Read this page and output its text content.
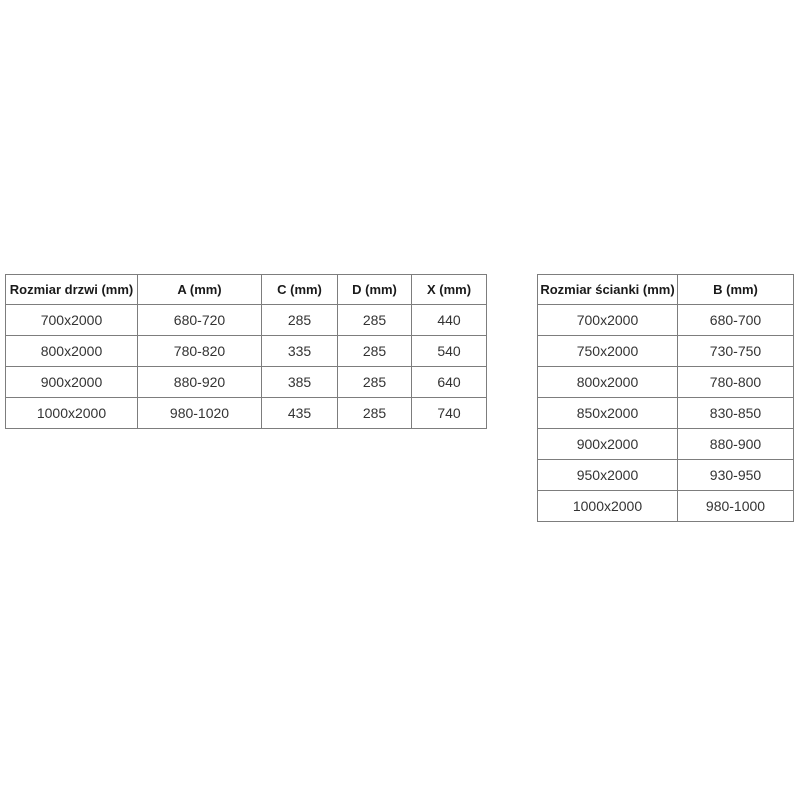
Rozmiar drzwi (mm)	A (mm)	C (mm)	D (mm)	X (mm)
700x2000	680-720	285	285	440
800x2000	780-820	335	285	540
900x2000	880-920	385	285	640
1000x2000	980-1020	435	285	740
Rozmiar ścianki (mm)	B (mm)
700x2000	680-700
750x2000	730-750
800x2000	780-800
850x2000	830-850
900x2000	880-900
950x2000	930-950
1000x2000	980-1000
